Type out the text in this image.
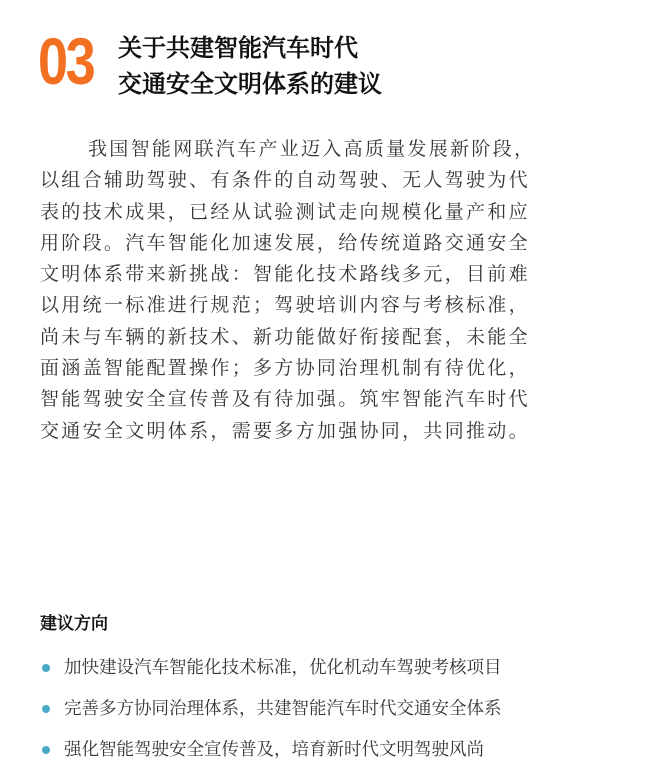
03 关于共建智能汽车时代
交通安全文明体系的建议
我国智能网联汽车产业迈入高质量发展新阶段，
以组合辅助驾驶、有条件的自动驾驶、无人驾驶为代
表的技术成果，已经从试验测试走向规模化量产和应
用阶段。汽车智能化加速发展，给传统道路交通安全
文明体系带来新挑战：智能化技术路线多元，目前难
以用统一标准进行规范；驾驶培训内容与考核标准，
尚未与车辆的新技术、新功能做好衔接配套，未能全
面涵盖智能配置操作；多方协同治理机制有待优化，
智能驾驶安全宣传普及有待加强。筑牢智能汽车时代
交通安全文明体系，需要多方加强协同，共同推动。
建议方向
加快建设汽车智能化技术标准，优化机动车驾驶考核项目
完善多方协同治理体系，共建智能汽车时代交通安全体系
强化智能驾驶安全宣传普及，培育新时代文明驾驶风尚
